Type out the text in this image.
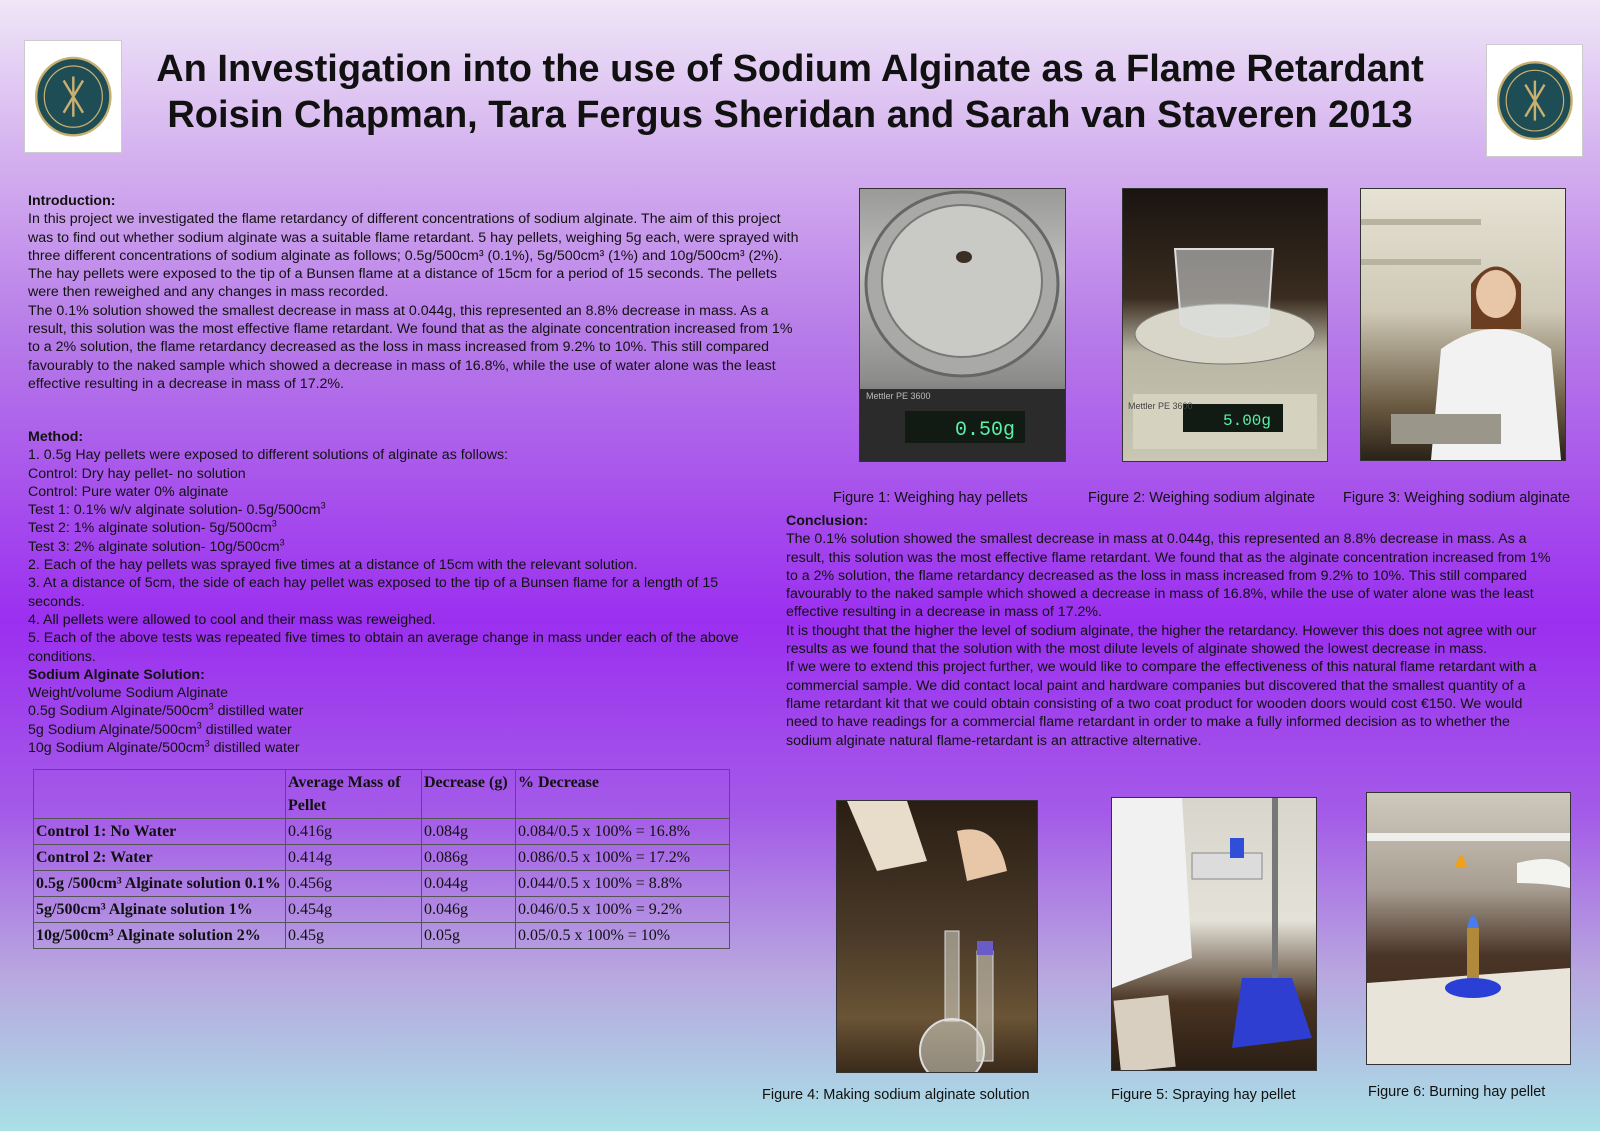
An Investigation into the use of Sodium Alginate as a Flame Retardant
Roisin Chapman, Tara Fergus Sheridan and Sarah van Staveren 2013

Introduction:

In this project we investigated the flame retardancy of different concentrations of sodium alginate. The aim of this project was to find out whether sodium alginate was a suitable flame retardant. 5 hay pellets, weighing 5g each, were sprayed with three different concentrations of sodium alginate as follows; 0.5g/500cm³ (0.1%), 5g/500cm³ (1%) and 10g/500cm³ (2%). The hay pellets were exposed to the tip of a Bunsen flame at a distance of 15cm for a period of 15 seconds. The pellets were then reweighed and any changes in mass recorded.

The 0.1% solution showed the smallest decrease in mass at 0.044g, this represented an 8.8% decrease in mass. As a result, this solution was the most effective flame retardant. We found that as the alginate concentration increased from 1% to a 2% solution, the flame retardancy decreased as the loss in mass increased from 9.2% to 10%. This still compared favourably to the naked sample which showed a decrease in mass of 16.8%, while the use of water alone was the least effective resulting in a decrease in mass of 17.2%.

Method:

1. 0.5g Hay pellets were exposed to different solutions of alginate as follows:

Control: Dry hay pellet- no solution

Control: Pure water 0% alginate

Test 1: 0.1% w/v alginate solution- $0.5g/500cm^3$

Test 2: 1% alginate solution- $5g/500cm^3$

Test 3: 2% alginate solution- $10g/500cm^3$

2. Each of the hay pellets was sprayed five times at a distance of 15cm with the relevant solution.

3. At a distance of 5cm, the side of each hay pellet was exposed to the tip of a Bunsen flame for a length of 15 seconds.

4. All pellets were allowed to cool and their mass was reweighed.

5. Each of the above tests was repeated five times to obtain an average change in mass under each of the above conditions.

Sodium Alginate Solution:

Weight/volume Sodium Alginate

0.5g Sodium Alginate/$500cm^3$ distilled water

5g Sodium Alginate/$500cm^3$ distilled water

10g Sodium Alginate/$500cm^3$ distilled water

	Average Mass of Pellet	Decrease (g)	% Decrease
Control 1: No Water	0.416g	0.084g	0.084/0.5 x 100% = 16.8%
Control 2: Water	0.414g	0.086g	0.086/0.5 x 100% = 17.2%
0.5g /500cm³ Alginate solution 0.1%	0.456g	0.044g	0.044/0.5 x 100% = 8.8%
5g/500cm³ Alginate solution 1%	0.454g	0.046g	0.046/0.5 x 100% = 9.2%
10g/500cm³ Alginate solution 2%	0.45g	0.05g	0.05/0.5 x 100% = 10%
Mettler PE 3600
0.50g
Mettler PE 3600
5.00g
Figure 1: Weighing hay pellets	Figure 2: Weighing sodium alginate Figure 3: Weighing sodium alginate

Conclusion:

The 0.1% solution showed the smallest decrease in mass at 0.044g, this represented an 8.8% decrease in mass. As a result, this solution was the most effective flame retardant. We found that as the alginate concentration increased from 1% to a 2% solution, the flame retardancy decreased as the loss in mass increased from 9.2% to 10%. This still compared favourably to the naked sample which showed a decrease in mass of 16.8%, while the use of water alone was the least effective resulting in a decrease in mass of 17.2%.

It is thought that the higher the level of sodium alginate, the higher the retardancy. However this does not agree with our results as we found that the solution with the most dilute levels of alginate showed the lowest decrease in mass.

If we were to extend this project further, we would like to compare the effectiveness of this natural flame retardant with a commercial sample. We did contact local paint and hardware companies but discovered that the smallest quantity of a flame retardant kit that we could obtain consisting of a two coat product for wooden doors would cost €150. We would need to have readings for a commercial flame retardant in order to make a fully informed decision as to whether the sodium alginate natural flame-retardant is an attractive alternative.

Figure 4: Making sodium alginate solution	Figure 5: Spraying hay pellet	Figure 6: Burning hay pellet
